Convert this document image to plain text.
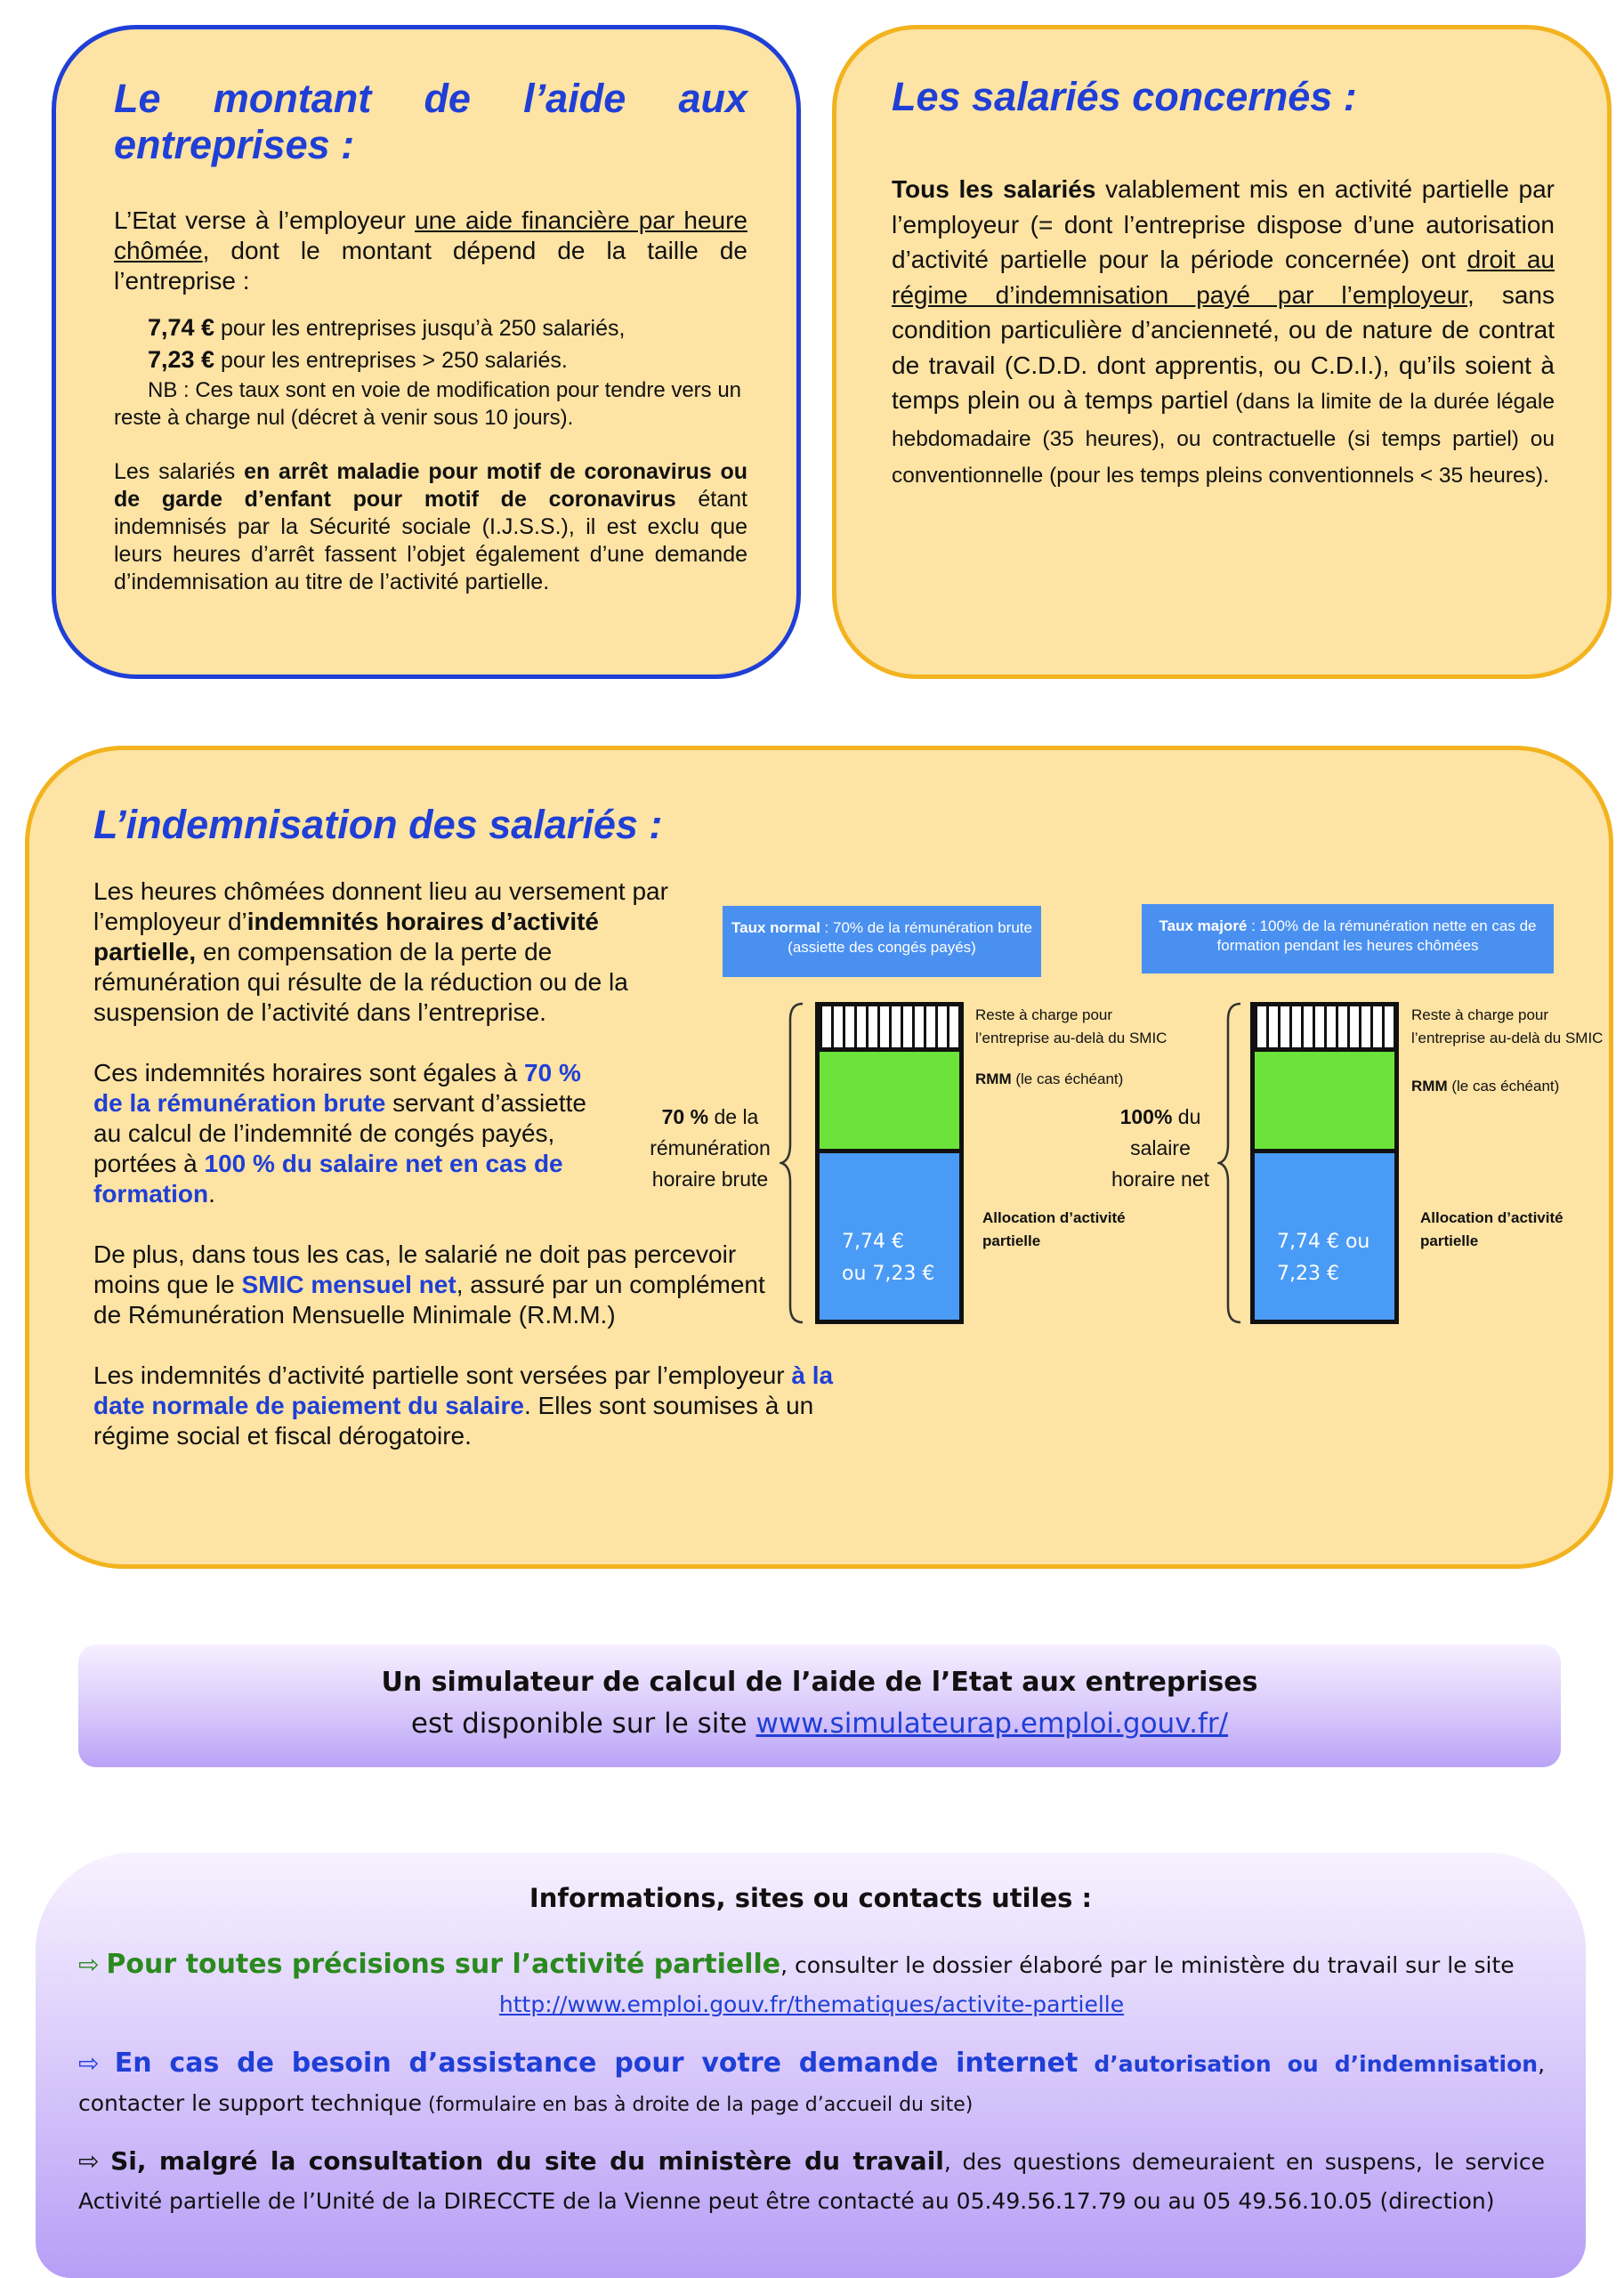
Le montant de l’aide aux entreprises :

L’Etat verse à l’employeur une aide financière par heure chômée, dont le montant dépend de la taille de l’entreprise :

7,74 € pour les entreprises jusqu’à 250 salariés,

7,23 € pour les entreprises > 250 salariés.

NB : Ces taux sont en voie de modification pour tendre vers un reste à charge nul (décret à venir sous 10 jours).

Les salariés en arrêt maladie pour motif de coronavirus ou de garde d’enfant pour motif de coronavirus étant indemnisés par la Sécurité sociale (I.J.S.S.), il est exclu que leurs heures d’arrêt fassent l’objet également d’une demande d’indemnisation au titre de l’activité partielle.

Les salariés concernés :

Tous les salariés valablement mis en activité partielle par l’employeur (= dont l’entreprise dispose d’une autorisation d’activité partielle pour la période concernée) ont droit au régime d’indemnisation payé par l’employeur, sans condition particulière d’ancienneté, ou de nature de contrat de travail (C.D.D. dont apprentis, ou C.D.I.), qu’ils soient à temps plein ou à temps partiel (dans la limite de la durée légale hebdomadaire (35 heures), ou contractuelle (si temps partiel) ou conventionnelle (pour les temps pleins conventionnels < 35 heures).

L’indemnisation des salariés :

Les heures chômées donnent lieu au versement par l’employeur d’indemnités horaires d’activité partielle, en compensation de la perte de rémunération qui résulte de la réduction ou de la suspension de l’activité dans l’entreprise.

Ces indemnités horaires sont égales à 70 % de la rémunération brute servant d’assiette au calcul de l’indemnité de congés payés, portées à 100 % du salaire net en cas de formation.

De plus, dans tous les cas, le salarié ne doit pas percevoir moins que le SMIC mensuel net, assuré par un complément de Rémunération Mensuelle Minimale (R.M.M.)

Les indemnités d’activité partielle sont versées par l’employeur à la date normale de paiement du salaire. Elles sont soumises à un régime social et fiscal dérogatoire.

Taux normal : 70% de la rémunération brute (assiette des congés payés)
70 % de la
rémunération
horaire brute
7,74 €
ou 7,23 €
Reste à charge pour
l’entreprise au-delà du SMIC
RMM (le cas échéant)
Allocation d’activité
partielle
Taux majoré : 100% de la rémunération nette en cas de formation pendant les heures chômées
100% du
salaire
horaire net
7,74 € ou
7,23 €
Reste à charge pour
l’entreprise au-delà du SMIC
RMM (le cas échéant)
Allocation d’activité
partielle
Un simulateur de calcul de l’aide de l’Etat aux entreprises
est disponible sur le site www.simulateurap.emploi.gouv.fr/
Informations, sites ou contacts utiles :
⇨ Pour toutes précisions sur l’activité partielle, consulter le dossier élaboré par le ministère du travail sur le site
http://www.emploi.gouv.fr/thematiques/activite-partielle
⇨ En cas de besoin d’assistance pour votre demande internet d’autorisation ou d’indemnisation, contacter le support technique (formulaire en bas à droite de la page d’accueil du site)
⇨ Si, malgré la consultation du site du ministère du travail, des questions demeuraient en suspens, le service Activité partielle de l’Unité de la DIRECCTE de la Vienne peut être contacté au 05.49.56.17.79 ou au 05 49.56.10.05 (direction)
